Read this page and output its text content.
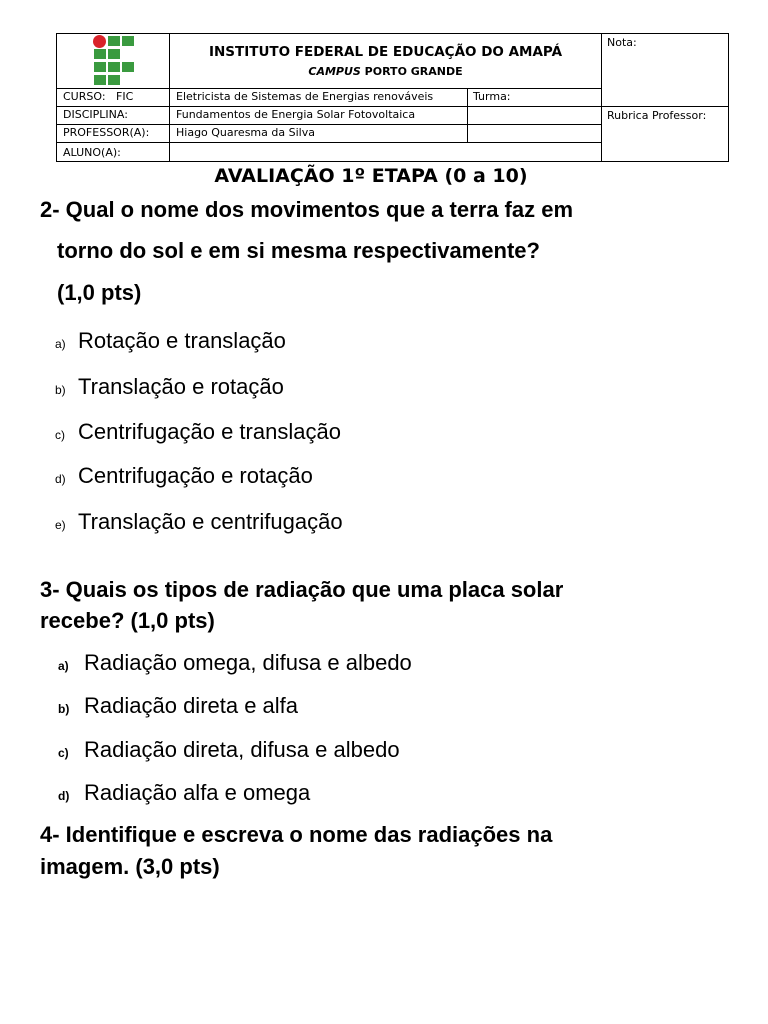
INSTITUTO FEDERAL DE EDUCAÇÃO DO AMAPÁ
CAMPUS PORTO GRANDE
Nota:
Rubrica Professor:
CURSO: FIC	Eletricista de Sistemas de Energias renováveis	Turma:
DISCIPLINA:	Fundamentos de Energia Solar Fotovoltaica
PROFESSOR(A): Hiago Quaresma da Silva
ALUNO(A):
AVALIAÇÃO 1º ETAPA (0 a 10)
2- Qual o nome dos movimentos que a terra faz em
torno do sol e em si mesma respectivamente?
(1,0 pts)
a) Rotação e translação
b) Translação e rotação
c) Centrifugação e translação
d) Centrifugação e rotação
e) Translação e centrifugação
3- Quais os tipos de radiação que uma placa solar
recebe? (1,0 pts)
a) Radiação omega, difusa e albedo
b) Radiação direta e alfa
c) Radiação direta, difusa e albedo
d) Radiação alfa e omega
4- Identifique e escreva o nome das radiações na
imagem. (3,0 pts)
